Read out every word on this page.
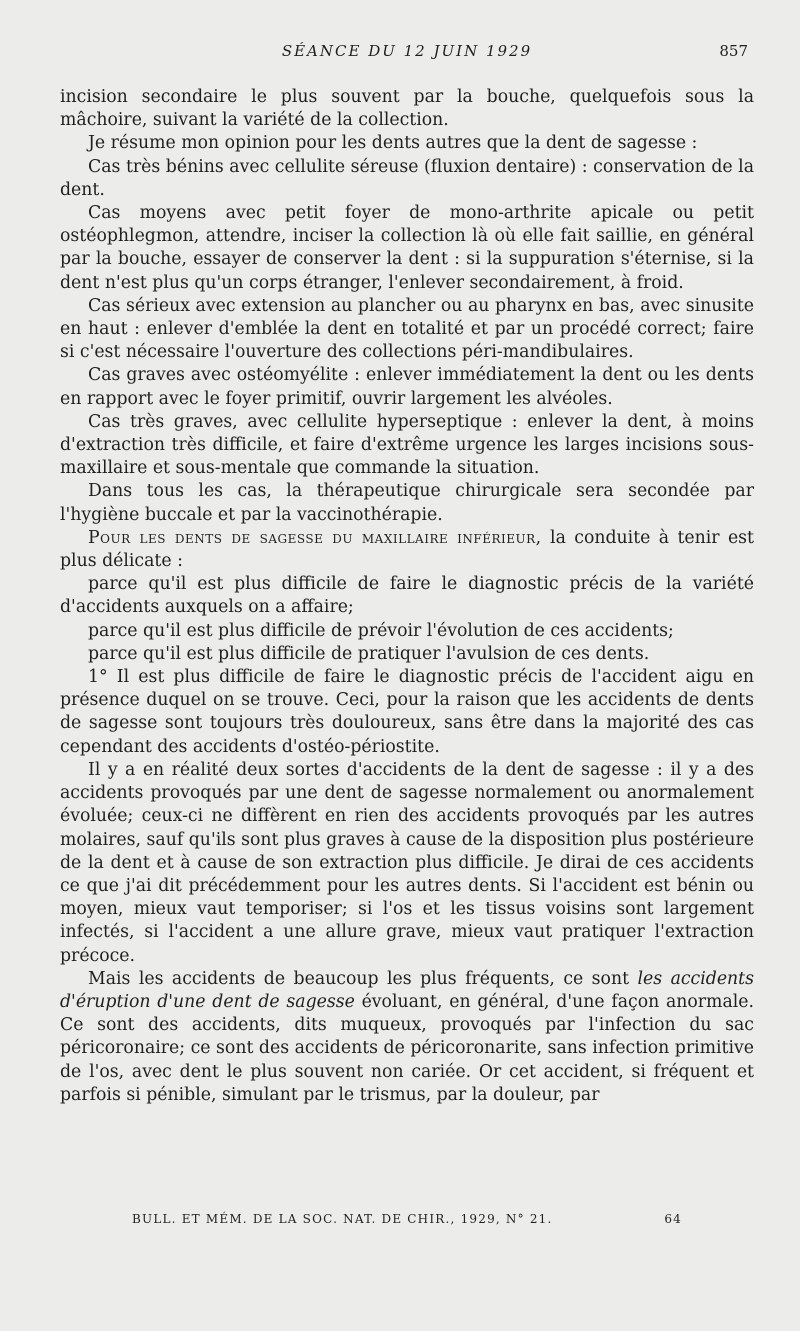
SÉANCE DU 12 JUIN 1929	857

incision secondaire le plus souvent par la bouche, quelquefois sous la mâchoire, suivant la variété de la collection.

Je résume mon opinion pour les dents autres que la dent de sagesse :

Cas très bénins avec cellulite séreuse (fluxion dentaire) : conservation de la dent.

Cas moyens avec petit foyer de mono-arthrite apicale ou petit ostéophlegmon, attendre, inciser la collection là où elle fait saillie, en général par la bouche, essayer de conserver la dent : si la suppuration s'éternise, si la dent n'est plus qu'un corps étranger, l'enlever secondairement, à froid.

Cas sérieux avec extension au plancher ou au pharynx en bas, avec sinusite en haut : enlever d'emblée la dent en totalité et par un procédé correct; faire si c'est nécessaire l'ouverture des collections péri-mandibulaires.

Cas graves avec ostéomyélite : enlever immédiatement la dent ou les dents en rapport avec le foyer primitif, ouvrir largement les alvéoles.

Cas très graves, avec cellulite hyperseptique : enlever la dent, à moins d'extraction très difficile, et faire d'extrême urgence les larges incisions sous-maxillaire et sous-mentale que commande la situation.

Dans tous les cas, la thérapeutique chirurgicale sera secondée par l'hygiène buccale et par la vaccinothérapie.

Pour les dents de sagesse du maxillaire inférieur, la conduite à tenir est plus délicate :

parce qu'il est plus difficile de faire le diagnostic précis de la variété d'accidents auxquels on a affaire;

parce qu'il est plus difficile de prévoir l'évolution de ces accidents;

parce qu'il est plus difficile de pratiquer l'avulsion de ces dents.

1° Il est plus difficile de faire le diagnostic précis de l'accident aigu en présence duquel on se trouve. Ceci, pour la raison que les accidents de dents de sagesse sont toujours très douloureux, sans être dans la majorité des cas cependant des accidents d'ostéo-périostite.

Il y a en réalité deux sortes d'accidents de la dent de sagesse : il y a des accidents provoqués par une dent de sagesse normalement ou anormalement évoluée; ceux-ci ne diffèrent en rien des accidents provoqués par les autres molaires, sauf qu'ils sont plus graves à cause de la disposition plus postérieure de la dent et à cause de son extraction plus difficile. Je dirai de ces accidents ce que j'ai dit précédemment pour les autres dents. Si l'accident est bénin ou moyen, mieux vaut temporiser; si l'os et les tissus voisins sont largement infectés, si l'accident a une allure grave, mieux vaut pratiquer l'extraction précoce.

Mais les accidents de beaucoup les plus fréquents, ce sont les accidents d'éruption d'une dent de sagesse évoluant, en général, d'une façon anormale. Ce sont des accidents, dits muqueux, provoqués par l'infection du sac péricoronaire; ce sont des accidents de péricoronarite, sans infection primitive de l'os, avec dent le plus souvent non cariée. Or cet accident, si fréquent et parfois si pénible, simulant par le trismus, par la douleur, par

BULL. ET MÉM. DE LA SOC. NAT. DE CHIR., 1929, N° 21.	64
